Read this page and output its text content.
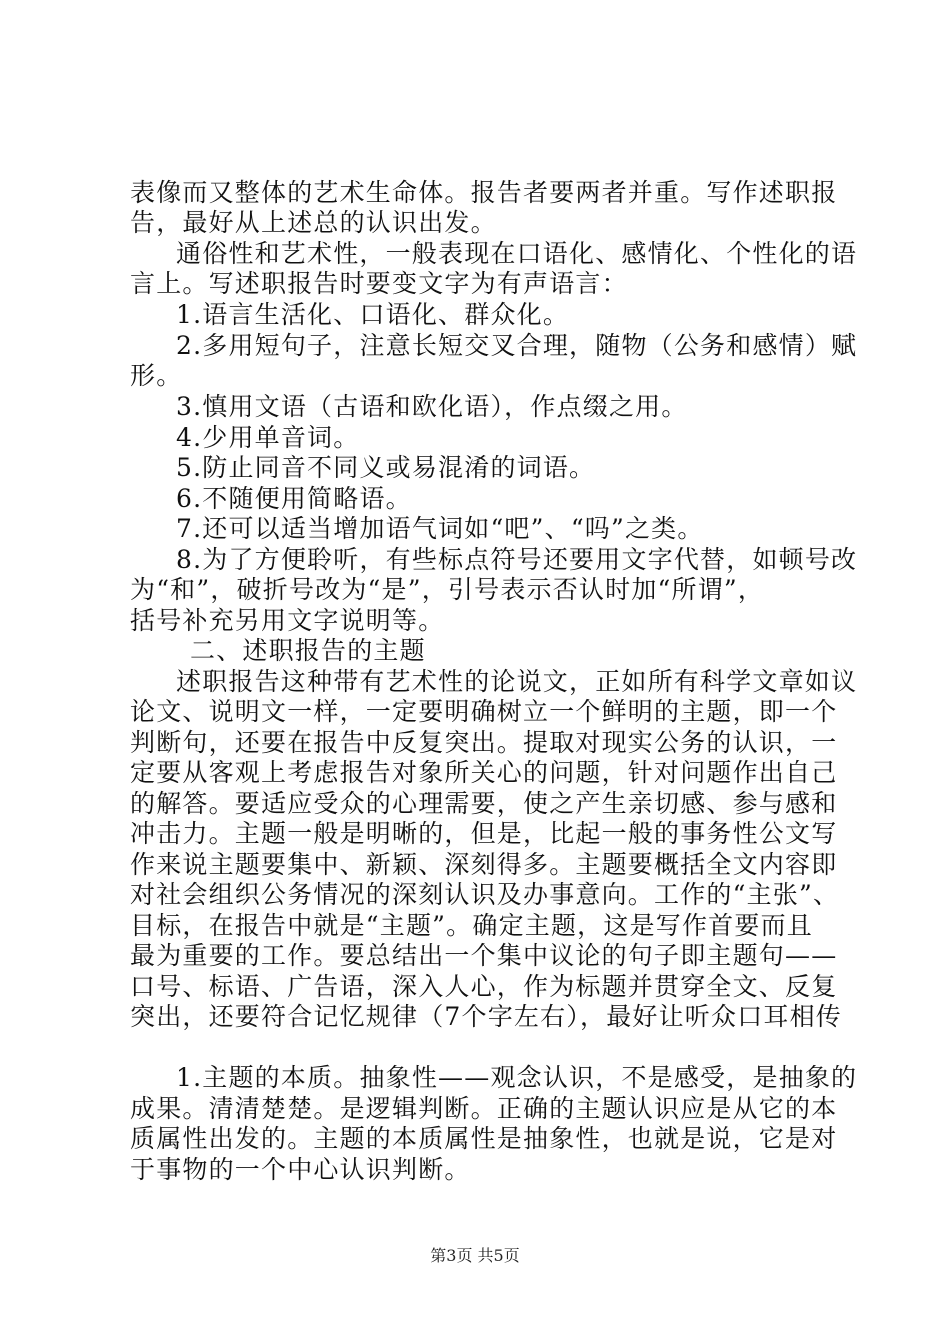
表像而又整体的艺术生命体。报告者要两者并重。写作述职报
告，最好从上述总的认识出发。
通俗性和艺术性，一般表现在口语化、感情化、个性化的语
言上。写述职报告时要变文字为有声语言：
1.语言生活化、口语化、群众化。
2.多用短句子，注意长短交叉合理，随物（公务和感情）赋
形。
3.慎用文语（古语和欧化语），作点缀之用。
4.少用单音词。
5.防止同音不同义或易混淆的词语。
6.不随便用简略语。
7.还可以适当增加语气词如“吧”、“吗”之类。
8.为了方便聆听，有些标点符号还要用文字代替，如顿号改
为“和”，破折号改为“是”，引号表示否认时加“所谓”，
括号补充另用文字说明等。
二、述职报告的主题
述职报告这种带有艺术性的论说文，正如所有科学文章如议
论文、说明文一样，一定要明确树立一个鲜明的主题，即一个
判断句，还要在报告中反复突出。提取对现实公务的认识，一
定要从客观上考虑报告对象所关心的问题，针对问题作出自己
的解答。要适应受众的心理需要，使之产生亲切感、参与感和
冲击力。主题一般是明晰的，但是，比起一般的事务性公文写
作来说主题要集中、新颖、深刻得多。主题要概括全文内容即
对社会组织公务情况的深刻认识及办事意向。工作的“主张”、
目标，在报告中就是“主题”。确定主题，这是写作首要而且
最为重要的工作。要总结出一个集中议论的句子即主题句——
口号、标语、广告语，深入人心，作为标题并贯穿全文、反复
突出，还要符合记忆规律（7个字左右），最好让听众口耳相传
1.主题的本质。抽象性——观念认识，不是感受，是抽象的
成果。清清楚楚。是逻辑判断。正确的主题认识应是从它的本
质属性出发的。主题的本质属性是抽象性，也就是说，它是对
于事物的一个中心认识判断。
第3页 共5页
